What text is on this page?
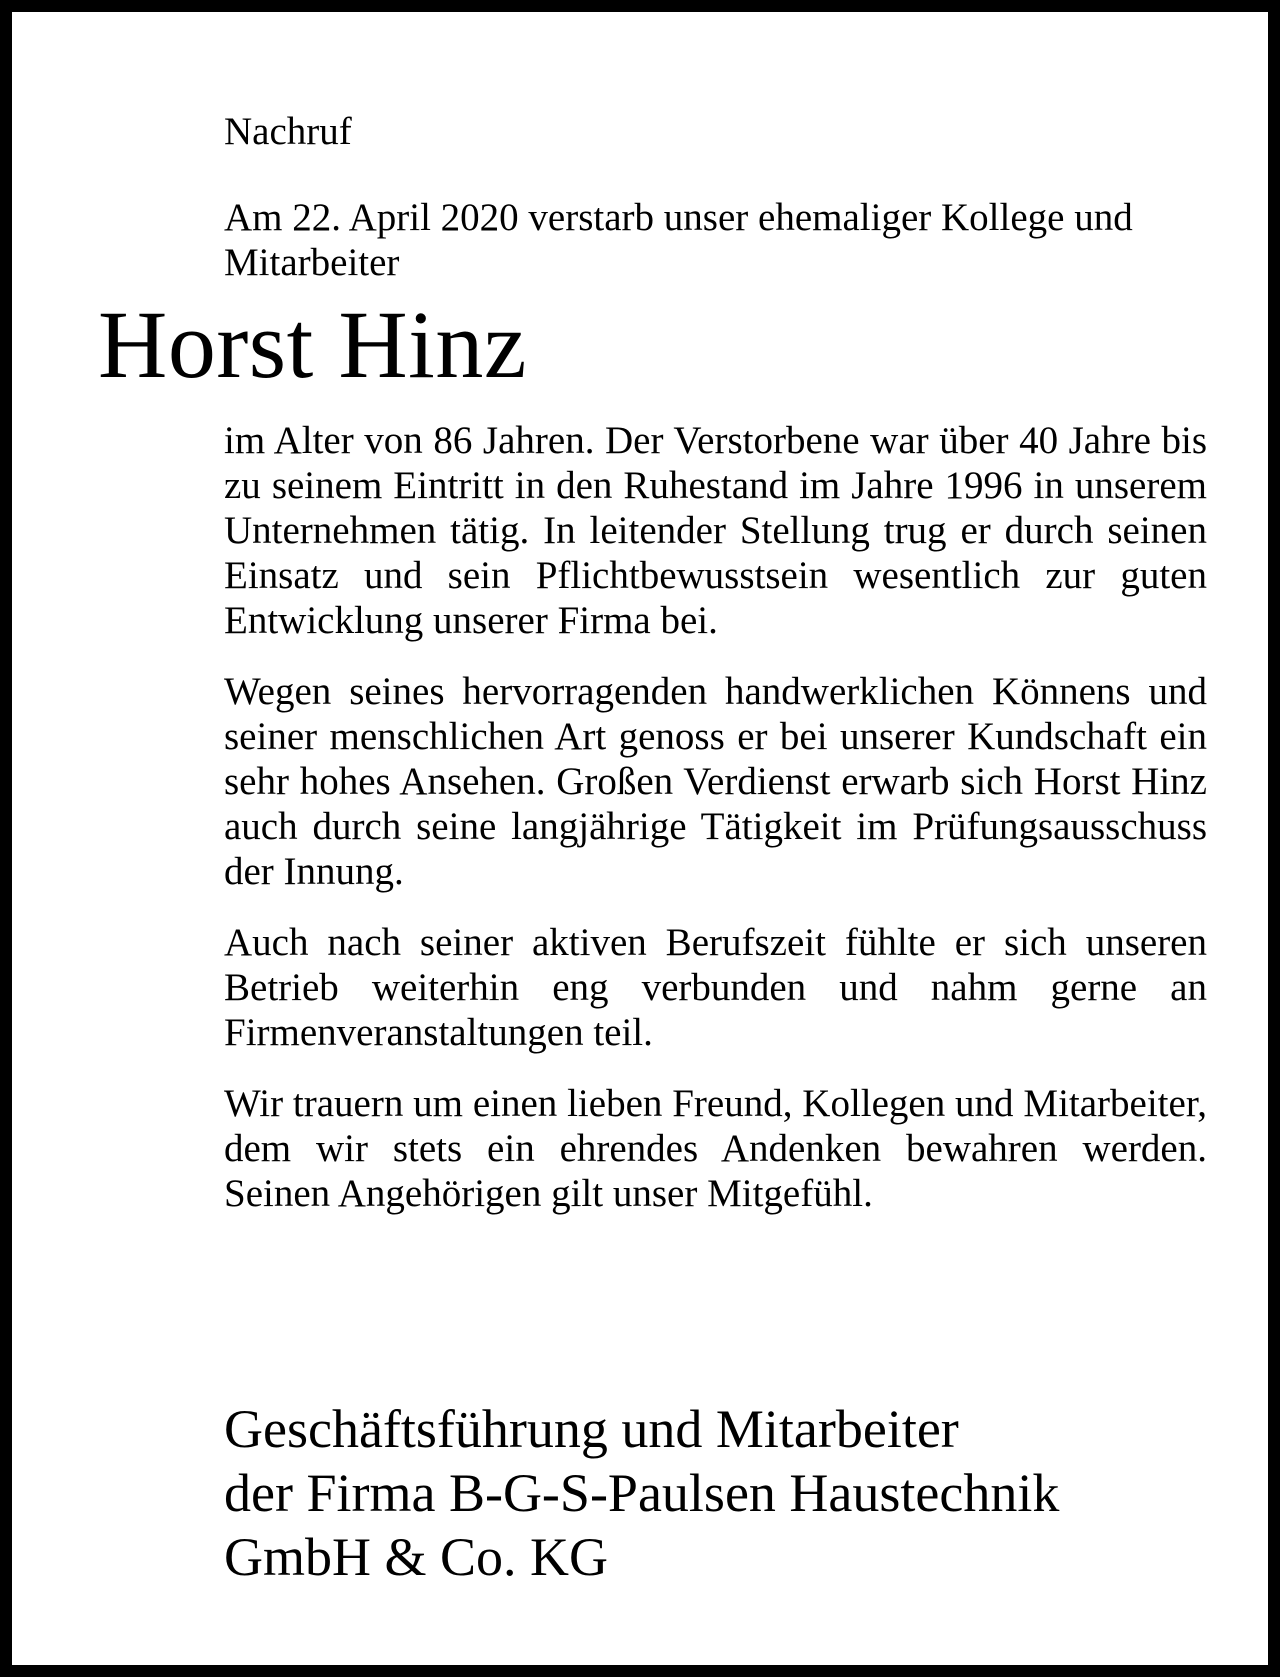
Nachruf

Am 22. April 2020 verstarb unser ehemaliger Kollege und Mitarbeiter

Horst Hinz

im Alter von 86 Jahren. Der Verstorbene war über 40 Jahre bis zu seinem Eintritt in den Ruhestand im Jahre 1996 in unserem Unternehmen tätig. In leitender Stellung trug er durch seinen Einsatz und sein Pflichtbewusstsein wesentlich zur guten Entwicklung unserer Firma bei.

Wegen seines hervorragenden handwerklichen Könnens und seiner menschlichen Art genoss er bei unserer Kundschaft ein sehr hohes Ansehen. Großen Verdienst erwarb sich Horst Hinz auch durch seine langjährige Tätigkeit im Prüfungsausschuss der Innung.

Auch nach seiner aktiven Berufszeit fühlte er sich unseren Betrieb weiterhin eng verbunden und nahm gerne an Firmenveranstaltungen teil.

Wir trauern um einen lieben Freund, Kollegen und Mitarbeiter, dem wir stets ein ehrendes Andenken bewahren werden. Seinen Angehörigen gilt unser Mitgefühl.

Geschäftsführung und Mitarbeiter
der Firma B-G-S-Paulsen Haustechnik
GmbH & Co. KG
